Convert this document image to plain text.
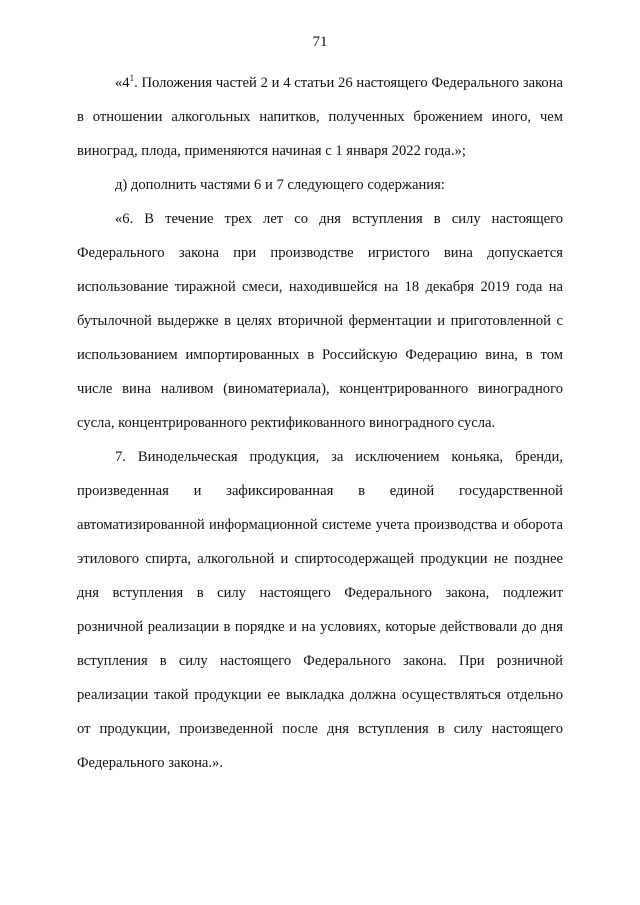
71

«$4^1$. Положения частей 2 и 4 статьи 26 настоящего Федерального закона в отношении алкогольных напитков, полученных брожением иного, чем виноград, плода, применяются начиная с 1 января 2022 года.»;

д) дополнить частями 6 и 7 следующего содержания:

«6. В течение трех лет со дня вступления в силу настоящего Федерального закона при производстве игристого вина допускается использование тиражной смеси, находившейся на 18 декабря 2019 года на бутылочной выдержке в целях вторичной ферментации и приготовленной с использованием импортированных в Российскую Федерацию вина, в том числе вина наливом (виноматериала), концентрированного виноградного сусла, концентрированного ректификованного виноградного сусла.

7. Винодельческая продукция, за исключением коньяка, бренди, произведенная и зафиксированная в единой государственной автоматизированной информационной системе учета производства и оборота этилового спирта, алкогольной и спиртосодержащей продукции не позднее дня вступления в силу настоящего Федерального закона, подлежит розничной реализации в порядке и на условиях, которые действовали до дня вступления в силу настоящего Федерального закона. При розничной реализации такой продукции ее выкладка должна осуществляться отдельно от продукции, произведенной после дня вступления в силу настоящего Федерального закона.».
